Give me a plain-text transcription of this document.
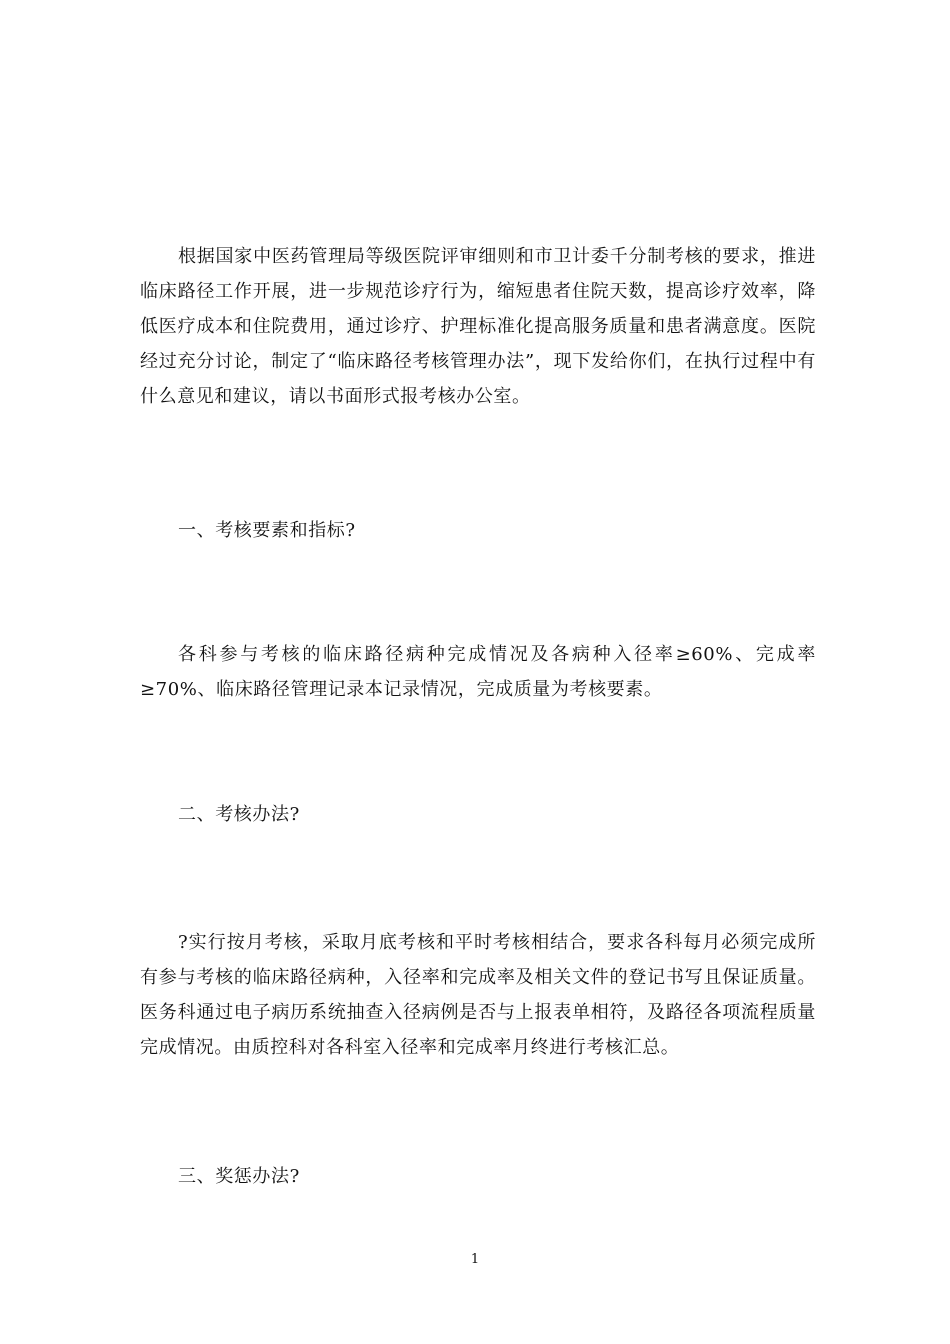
根据国家中医药管理局等级医院评审细则和市卫计委千分制考核的要求，推进临床路径工作开展，进一步规范诊疗行为，缩短患者住院天数，提高诊疗效率，降低医疗成本和住院费用，通过诊疗、护理标准化提高服务质量和患者满意度。医院经过充分讨论，制定了“临床路径考核管理办法”，现下发给你们，在执行过程中有什么意见和建议，请以书面形式报考核办公室。

一、考核要素和指标?

各科参与考核的临床路径病种完成情况及各病种入径率≥60%、完成率≥70%、临床路径管理记录本记录情况，完成质量为考核要素。

二、考核办法?

?实行按月考核，采取月底考核和平时考核相结合，要求各科每月必须完成所有参与考核的临床路径病种，入径率和完成率及相关文件的登记书写且保证质量。医务科通过电子病历系统抽查入径病例是否与上报表单相符，及路径各项流程质量完成情况。由质控科对各科室入径率和完成率月终进行考核汇总。

三、奖惩办法?
1
